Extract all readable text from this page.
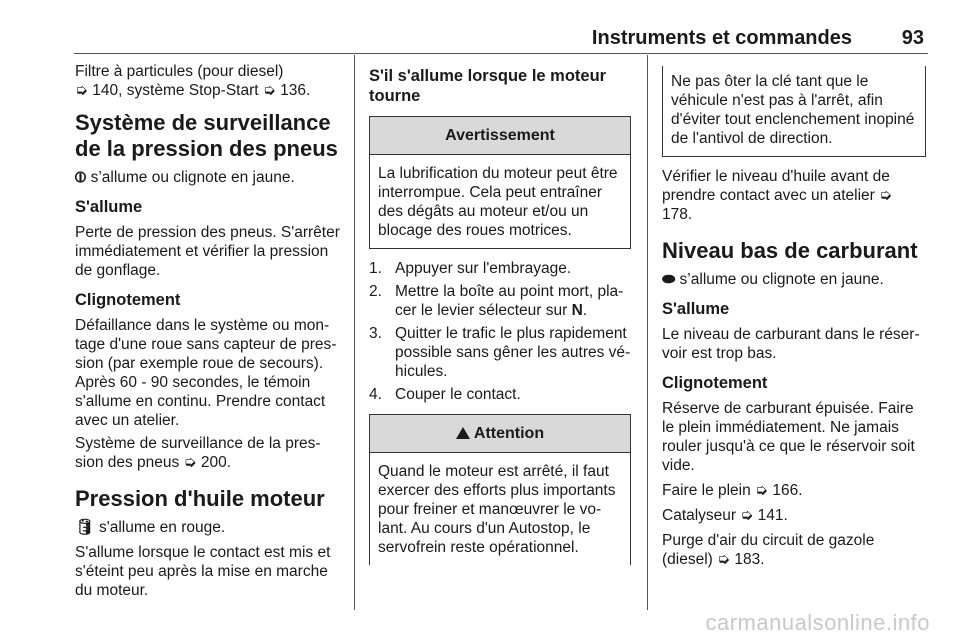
Instruments et commandes 93

Filtre à particules (pour diesel)
➭ 140, système Stop-Start ➭ 136.

Système de surveillance de la pression des pneus

⦶ s’allume ou clignote en jaune.

S'allume

Perte de pression des pneus. S'arrêter immédiatement et vérifier la pression de gonflage.

Clignotement

Défaillance dans le système ou montage d'une roue sans capteur de pression (par exemple roue de secours). Après 60 - 90 secondes, le témoin s'allume en continu. Prendre contact avec un atelier.

Système de surveillance de la pression des pneus ➭ 200.

Pression d'huile moteur

🛢 s'allume en rouge.

S'allume lorsque le contact est mis et s'éteint peu après la mise en marche du moteur.

S'il s'allume lorsque le moteur tourne
Avertissement
La lubrification du moteur peut être interrompue. Cela peut entraîner des dégâts au moteur et/ou un blocage des roues motrices.
1. Appuyer sur l'embrayage.
2. Mettre la boîte au point mort, placer le levier sélecteur sur N.
3. Quitter le trafic le plus rapidement possible sans gêner les autres véhicules.
4. Couper le contact.
Attention
Quand le moteur est arrêté, il faut exercer des efforts plus importants pour freiner et manœuvrer le volant. Au cours d'un Autostop, le servofrein reste opérationnel.
Ne pas ôter la clé tant que le véhicule n'est pas à l'arrêt, afin d'éviter tout enclenchement inopiné de l'antivol de direction.

Vérifier le niveau d'huile avant de prendre contact avec un atelier ➭ 178.

Niveau bas de carburant

⬬ s’allume ou clignote en jaune.

S'allume

Le niveau de carburant dans le réservoir est trop bas.

Clignotement

Réserve de carburant épuisée. Faire le plein immédiatement. Ne jamais rouler jusqu'à ce que le réservoir soit vide.

Faire le plein ➭ 166.

Catalyseur ➭ 141.

Purge d'air du circuit de gazole (diesel) ➭ 183.

carmanualsonline.info
